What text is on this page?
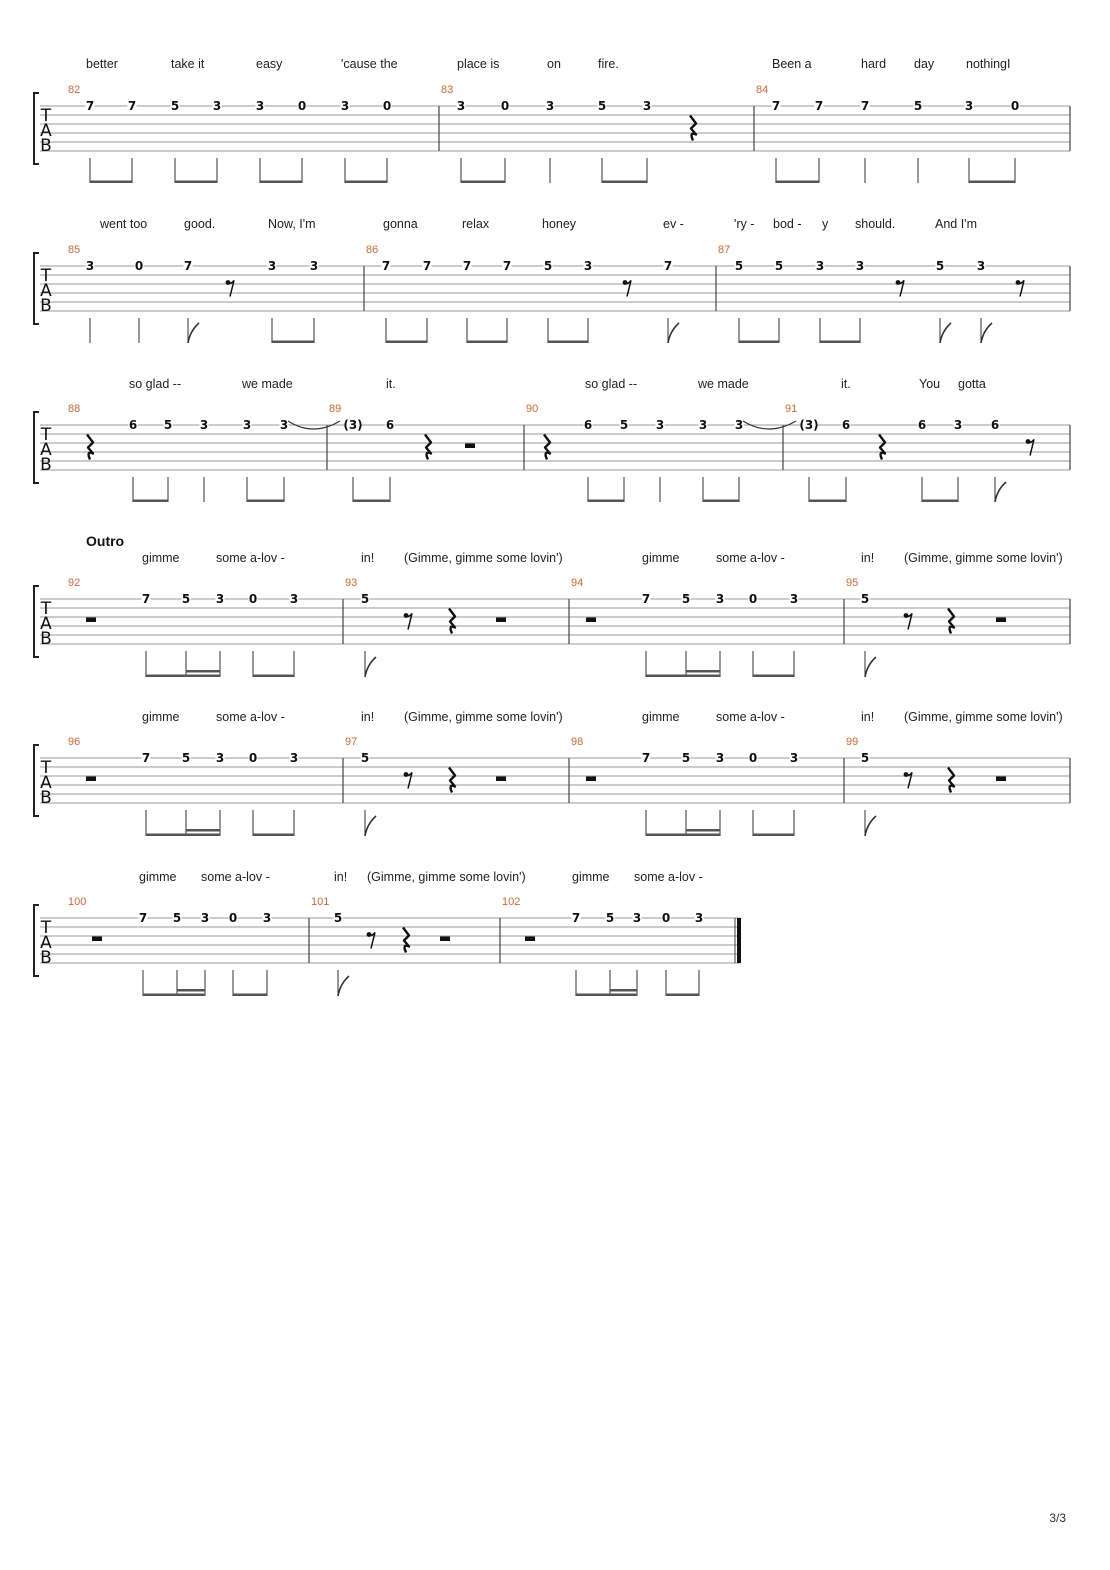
T
A
B
better	take it	easy	'cause the	place is	on	fire.	Been a	hard day	nothingI
82
7	7	5	3	3	0	3	0
83
3	0	3	5	3
84
7	7	7	5	3	0
T
A
B
went too	good.	Now, I'm	gonna	relax	honey	ev -	'ry - bod - y should.	And I'm
85
3	0	7	3	3
86
7	7	7	7	5	3	7
87
5	5	3	3	5	3
T
A
B
so glad --	we made	it.	so glad --	we made	it.	You gotta
88
6 5 3	3 3
89
(3) 6
90
6 5 3	3 3
91
(3) 6	6 3 6
T
A
B
Outro
gimme	some a-lov -	in! (Gimme, gimme some lovin')	gimme	some a-lov -	in! (Gimme, gimme some lovin')
92
7	5 3 0	3
93
5
94
7	5 3 0	3
95
5
T
A
B
gimme	some a-lov -	in! (Gimme, gimme some lovin')	gimme	some a-lov -	in! (Gimme, gimme some lovin')
96
7	5 3 0	3
97
5
98
7	5 3 0	3
99
5
T
A
B
gimme some a-lov -	in! (Gimme, gimme some lovin')	gimme some a-lov -
100
7 5 3 0 3
101
5
102
7 5 3 0 3
3/3
